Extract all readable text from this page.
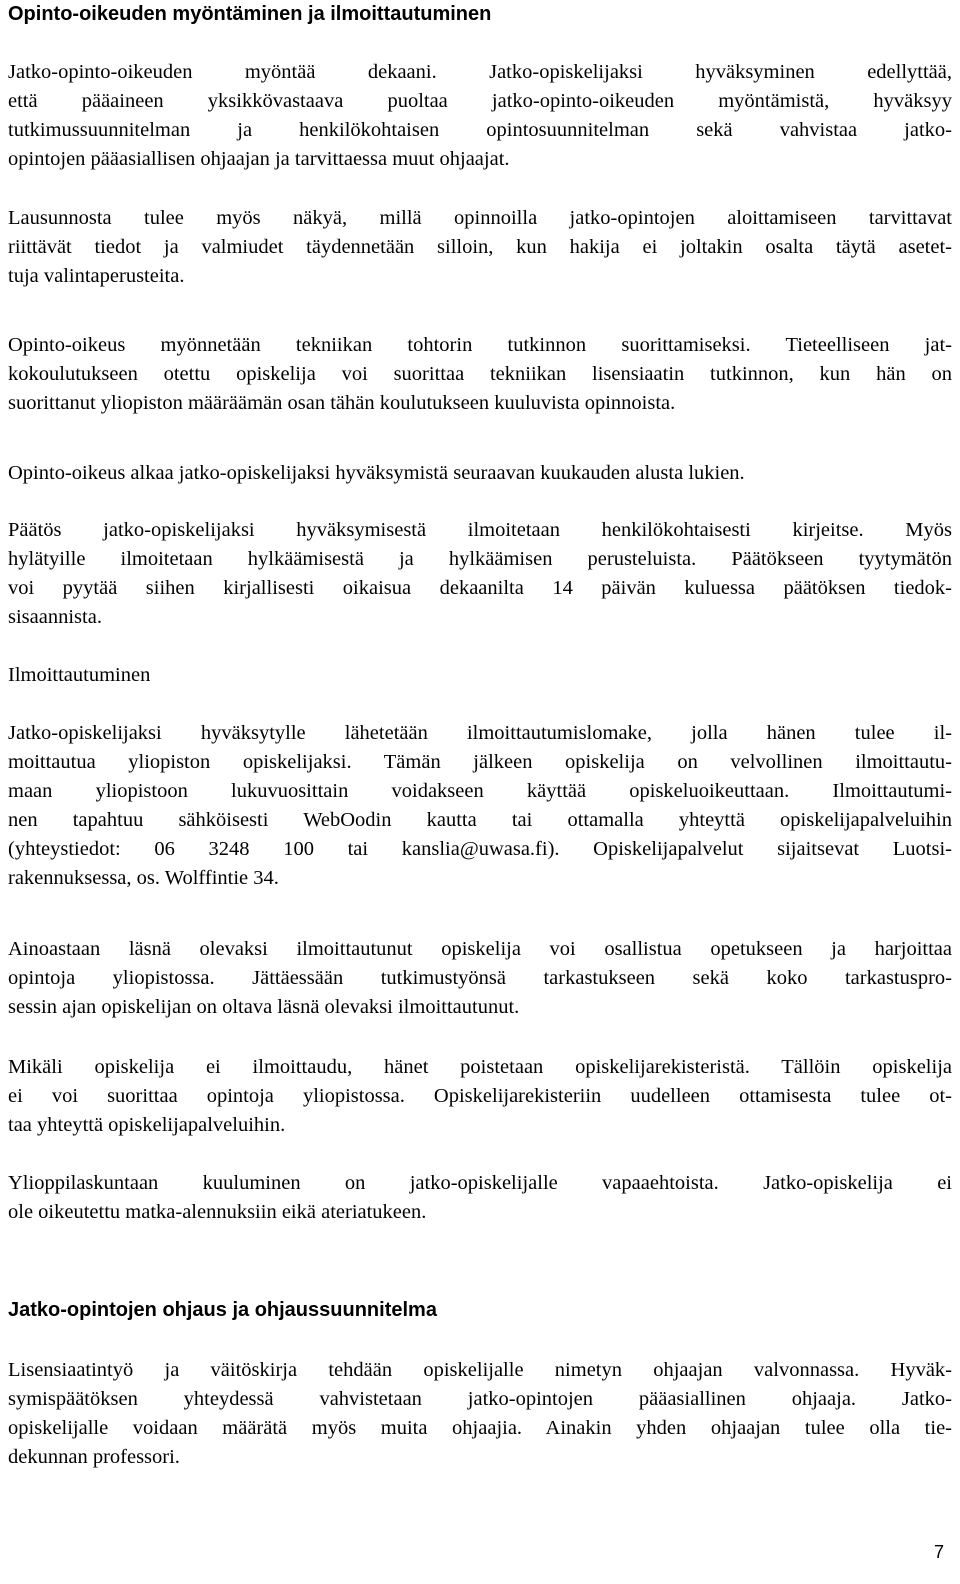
Opinto-oikeuden myöntäminen ja ilmoittautuminen
Jatko-opinto-oikeuden myöntää dekaani. Jatko-opiskelijaksi hyväksyminen edellyttää,
että pääaineen yksikkövastaava puoltaa jatko-opinto-oikeuden myöntämistä, hyväksyy
tutkimussuunnitelman ja henkilökohtaisen opintosuunnitelman sekä vahvistaa jatko-
opintojen pääasiallisen ohjaajan ja tarvittaessa muut ohjaajat.
Lausunnosta tulee myös näkyä, millä opinnoilla jatko-opintojen aloittamiseen tarvittavat
riittävät tiedot ja valmiudet täydennetään silloin, kun hakija ei joltakin osalta täytä asetet-
tuja valintaperusteita.
Opinto-oikeus myönnetään tekniikan tohtorin tutkinnon suorittamiseksi. Tieteelliseen jat-
kokoulutukseen otettu opiskelija voi suorittaa tekniikan lisensiaatin tutkinnon, kun hän on
suorittanut yliopiston määräämän osan tähän koulutukseen kuuluvista opinnoista.
Opinto-oikeus alkaa jatko-opiskelijaksi hyväksymistä seuraavan kuukauden alusta lukien.
Päätös jatko-opiskelijaksi hyväksymisestä ilmoitetaan henkilökohtaisesti kirjeitse. Myös
hylätyille ilmoitetaan hylkäämisestä ja hylkäämisen perusteluista. Päätökseen tyytymätön
voi pyytää siihen kirjallisesti oikaisua dekaanilta 14 päivän kuluessa päätöksen tiedok-
sisaannista.
Ilmoittautuminen
Jatko-opiskelijaksi hyväksytylle lähetetään ilmoittautumislomake, jolla hänen tulee il-
moittautua yliopiston opiskelijaksi. Tämän jälkeen opiskelija on velvollinen ilmoittautu-
maan yliopistoon lukuvuosittain voidakseen käyttää opiskeluoikeuttaan. Ilmoittautumi-
nen tapahtuu sähköisesti WebOodin kautta tai ottamalla yhteyttä opiskelijapalveluihin
(yhteystiedot: 06 3248 100 tai kanslia@uwasa.fi). Opiskelijapalvelut sijaitsevat Luotsi-
rakennuksessa, os. Wolffintie 34.
Ainoastaan läsnä olevaksi ilmoittautunut opiskelija voi osallistua opetukseen ja harjoittaa
opintoja yliopistossa. Jättäessään tutkimustyönsä tarkastukseen sekä koko tarkastuspro-
sessin ajan opiskelijan on oltava läsnä olevaksi ilmoittautunut.
Mikäli opiskelija ei ilmoittaudu, hänet poistetaan opiskelijarekisteristä. Tällöin opiskelija
ei voi suorittaa opintoja yliopistossa. Opiskelijarekisteriin uudelleen ottamisesta tulee ot-
taa yhteyttä opiskelijapalveluihin.
Ylioppilaskuntaan kuuluminen on jatko-opiskelijalle vapaaehtoista. Jatko-opiskelija ei
ole oikeutettu matka-alennuksiin eikä ateriatukeen.
Jatko-opintojen ohjaus ja ohjaussuunnitelma
Lisensiaatintyö ja väitöskirja tehdään opiskelijalle nimetyn ohjaajan valvonnassa. Hyväk-
symispäätöksen yhteydessä vahvistetaan jatko-opintojen pääasiallinen ohjaaja. Jatko-
opiskelijalle voidaan määrätä myös muita ohjaajia. Ainakin yhden ohjaajan tulee olla tie-
dekunnan professori.
7
